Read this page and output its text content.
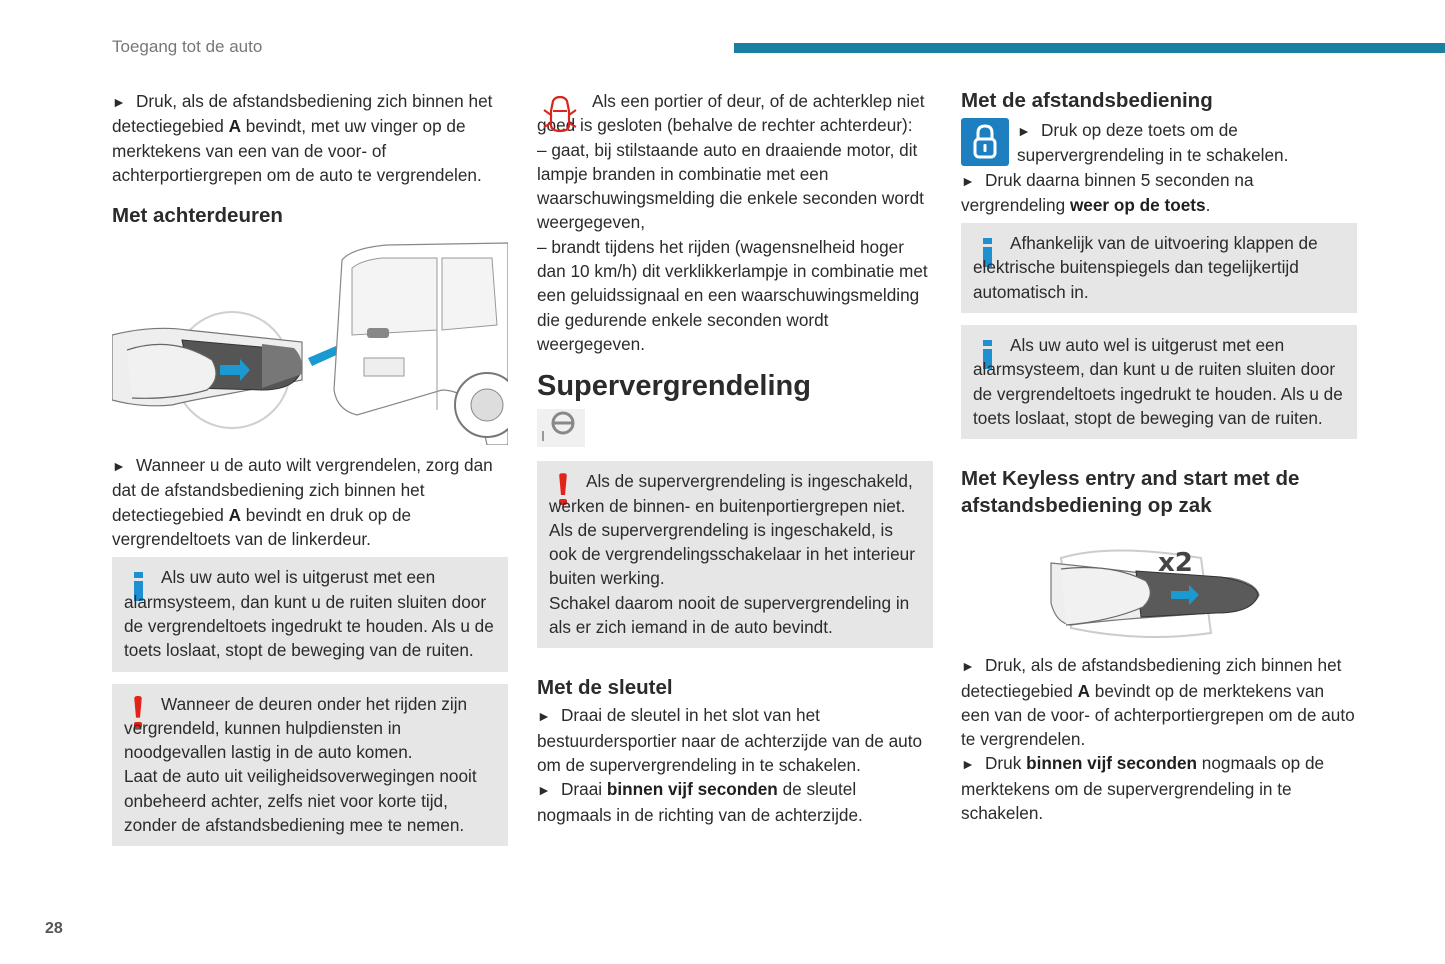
Toegang tot de auto
28

► Druk, als de afstandsbediening zich binnen het detectiegebied A bevindt, met uw vinger op de merktekens van een van de voor- of achterportiergrepen om de auto te vergrendelen.

Met achterdeuren

► Wanneer u de auto wilt vergrendelen, zorg dan dat de afstandsbediening zich binnen het detectiegebied A bevindt en druk op de vergrendeltoets van de linkerdeur.

Als uw auto wel is uitgerust met een alarmsysteem, dan kunt u de ruiten sluiten door de vergrendeltoets ingedrukt te houden. Als u de toets loslaat, stopt de beweging van de ruiten.

Wanneer de deuren onder het rijden zijn vergrendeld, kunnen hulpdiensten in noodgevallen lastig in de auto komen.

Laat de auto uit veiligheidsoverwegingen nooit onbeheerd achter, zelfs niet voor korte tijd, zonder de afstandsbediening mee te nemen.

Als een portier of deur, of de achterklep niet goed is gesloten (behalve de rechter achterdeur):

– gaat, bij stilstaande auto en draaiende motor, dit lampje branden in combinatie met een waarschuwingsmelding die enkele seconden wordt weergegeven,

– brandt tijdens het rijden (wagensnelheid hoger dan 10 km/h) dit verklikkerlampje in combinatie met een geluidssignaal en een waarschuwingsmelding die gedurende enkele seconden wordt weergegeven.

Supervergrendeling

Als de supervergrendeling is ingeschakeld, werken de binnen- en buitenportiergrepen niet.

Als de supervergrendeling is ingeschakeld, is ook de vergrendelingsschakelaar in het interieur buiten werking.

Schakel daarom nooit de supervergrendeling in als er zich iemand in de auto bevindt.

Met de sleutel

► Draai de sleutel in het slot van het bestuurdersportier naar de achterzijde van de auto om de supervergrendeling in te schakelen.

► Draai binnen vijf seconden de sleutel nogmaals in de richting van de achterzijde.

Met de afstandsbediening

► Druk op deze toets om de supervergrendeling in te schakelen.

► Druk daarna binnen 5 seconden na vergrendeling weer op de toets.

Afhankelijk van de uitvoering klappen de elektrische buitenspiegels dan tegelijkertijd automatisch in.

Als uw auto wel is uitgerust met een alarmsysteem, dan kunt u de ruiten sluiten door de vergrendeltoets ingedrukt te houden. Als u de toets loslaat, stopt de beweging van de ruiten.

Met Keyless entry and start met de afstandsbediening op zak
x2

► Druk, als de afstandsbediening zich binnen het detectiegebied A bevindt op de merktekens van een van de voor- of achterportiergrepen om de auto te vergrendelen.

► Druk binnen vijf seconden nogmaals op de merktekens om de supervergrendeling in te schakelen.
